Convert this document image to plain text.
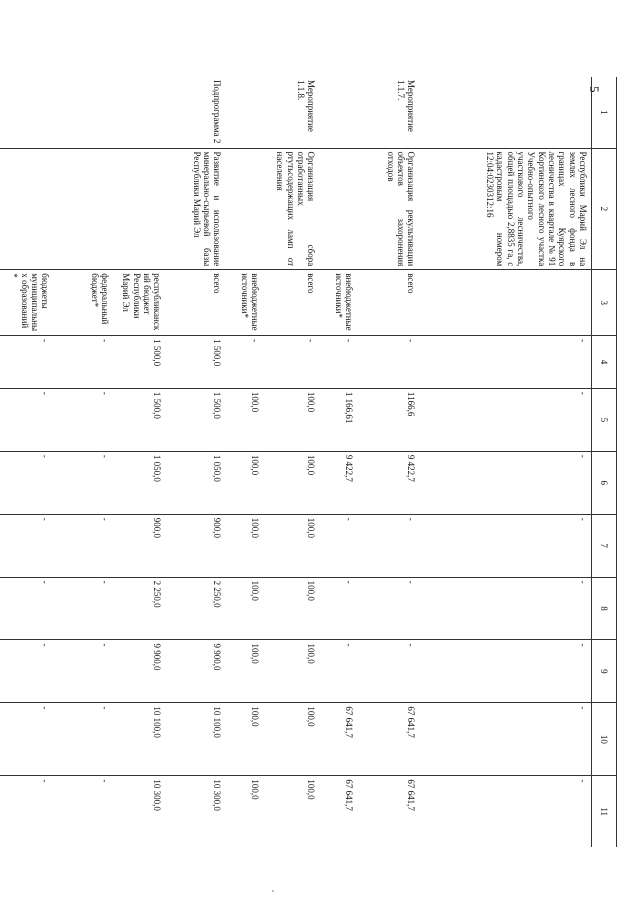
5
1	2	3	4	5	6	7	8	9	10	11
	Республики Марий Эл на землях лесного фонда в границах Куярского лесничества в квартале № 91 Кортинского лесного участка Учебно-опытного участкового лесничества, общей площадью 2,8835 га, с кадастровым номером 12:04:0230312:16		-	-	-	-	-	-	-	-
Мероприятие 1.1.7.	Организация рекультивации объектов захоронения отходов	всего	-	1166,6	9 422,7	-	-	-	67 641,7	67 641,7
		внебюджетные источники*	-	1 166,61	9 422,7	-	-	-	67 641,7	67 641,7
Мероприятие 1.1.8.	Организация сбора отработанных ртутьсодержащих ламп от населения	всего	-	100,0	100,0	100,0	100,0	100,0	100,0	100,0
		внебюджетные источники*	-	100,0	100,0	100,0	100,0	100,0	100,0	100,0
Подпрограмма 2	Развитие и использование минерально-сырьевой базы Республики Марий Эл	всего	1 500,0	1 500,0	1 050,0	900,0	2 250,0	9 900,0	10 100,0	10 300,0
		республиканский бюджет Республики Марий Эл	1 500,0	1 500,0	1 050,0	900,0	2 250,0	9 900,0	10 100,0	10 300,0
		федеральный бюджет*	-	-	-	-	-	-	-	-
		бюджеты муниципальных образований *	-	-	-	-	-	-	-	-
